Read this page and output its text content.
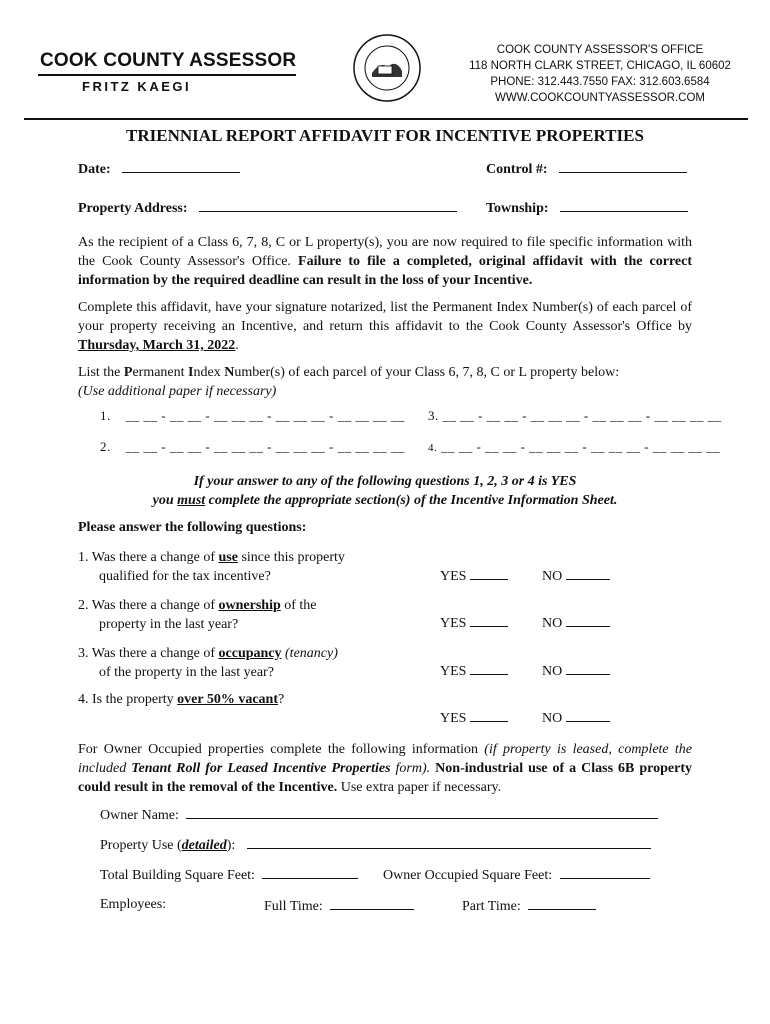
COOK COUNTY ASSESSOR
FRITZ KAEGI
COOK COUNTY ASSESSOR'S OFFICE
118 NORTH CLARK STREET, CHICAGO, IL 60602
PHONE: 312.443.7550 FAX: 312.603.6584
WWW.COOKCOUNTYASSESSOR.COM
TRIENNIAL REPORT AFFIDAVIT FOR INCENTIVE PROPERTIES
Date:	Control #:
Property Address:	Township:
As the recipient of a Class 6, 7, 8, C or L property(s), you are now required to file specific information with the Cook County Assessor's Office. Failure to file a completed, original affidavit with the correct information by the required deadline can result in the loss of your Incentive.
Complete this affidavit, have your signature notarized, list the Permanent Index Number(s) of each parcel of your property receiving an Incentive, and return this affidavit to the Cook County Assessor's Office by Thursday, March 31, 2022.
List the Permanent Index Number(s) of each parcel of your Class 6, 7, 8, C or L property below:
(Use additional paper if necessary)
1. __ __ - __ __ - __ __ __ - __ __ __ - __ __ __ __ 3. __ __ - __ __ - __ __ __ - __ __ __ - __ __ __ __
2. __ __ - __ __ - __ __ __ - __ __ __ - __ __ __ __ 4. __ __ - __ __ - __ __ __ - __ __ __ - __ __ __ __
If your answer to any of the following questions 1, 2, 3 or 4 is YES
you must complete the appropriate section(s) of the Incentive Information Sheet.
Please answer the following questions:
1. Was there a change of use since this property
qualified for the tax incentive?	YES	NO
2. Was there a change of ownership of the
property in the last year?	YES	NO
3. Was there a change of occupancy (tenancy)
of the property in the last year?	YES	NO
4. Is the property over 50% vacant?
YES	NO
For Owner Occupied properties complete the following information (if property is leased, complete the included Tenant Roll for Leased Incentive Properties form). Non-industrial use of a Class 6B property could result in the removal of the Incentive. Use extra paper if necessary.
Owner Name:
Property Use (detailed):
Total Building Square Feet:	Owner Occupied Square Feet:
Employees:	Full Time:	Part Time:
